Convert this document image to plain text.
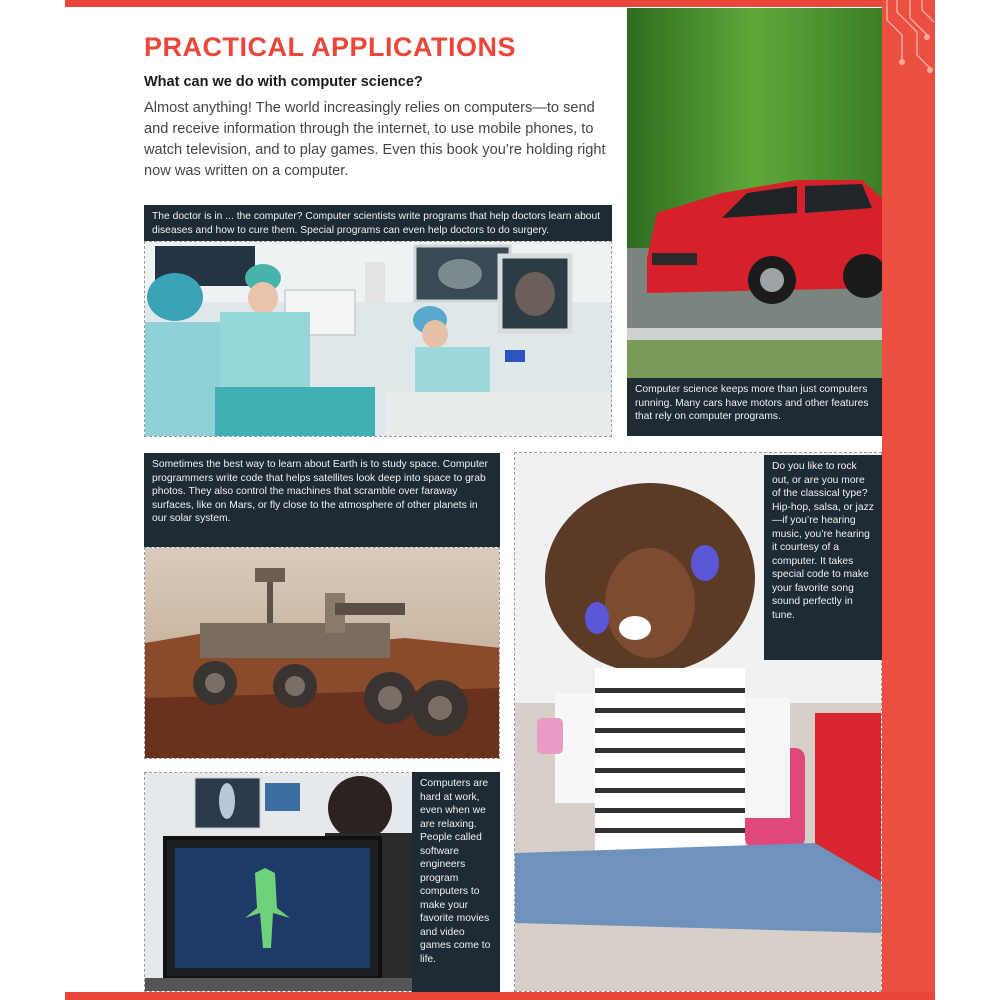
PRACTICAL APPLICATIONS
What can we do with computer science?
Almost anything! The world increasingly relies on computers—to send and receive information through the internet, to use mobile phones, to watch television, and to play games. Even this book you’re holding right now was written on a computer.
The doctor is in ... the computer? Computer scientists write programs that help doctors learn about diseases and how to cure them. Special programs can even help doctors to do surgery.
Computer science keeps more than just computers running. Many cars have motors and other features that rely on computer programs.
Sometimes the best way to learn about Earth is to study space. Computer programmers write code that helps satellites look deep into space to grab photos. They also control the machines that scramble over faraway surfaces, like on Mars, or fly close to the atmosphere of other planets in our solar system.
Do you like to rock out, or are you more of the classical type? Hip-hop, salsa, or jazz—if you’re hearing music, you’re hearing it courtesy of a computer. It takes special code to make your favorite song sound perfectly in tune.
Computers are hard at work, even when we are relaxing. People called software engineers program computers to make your favorite movies and video games come to life.
